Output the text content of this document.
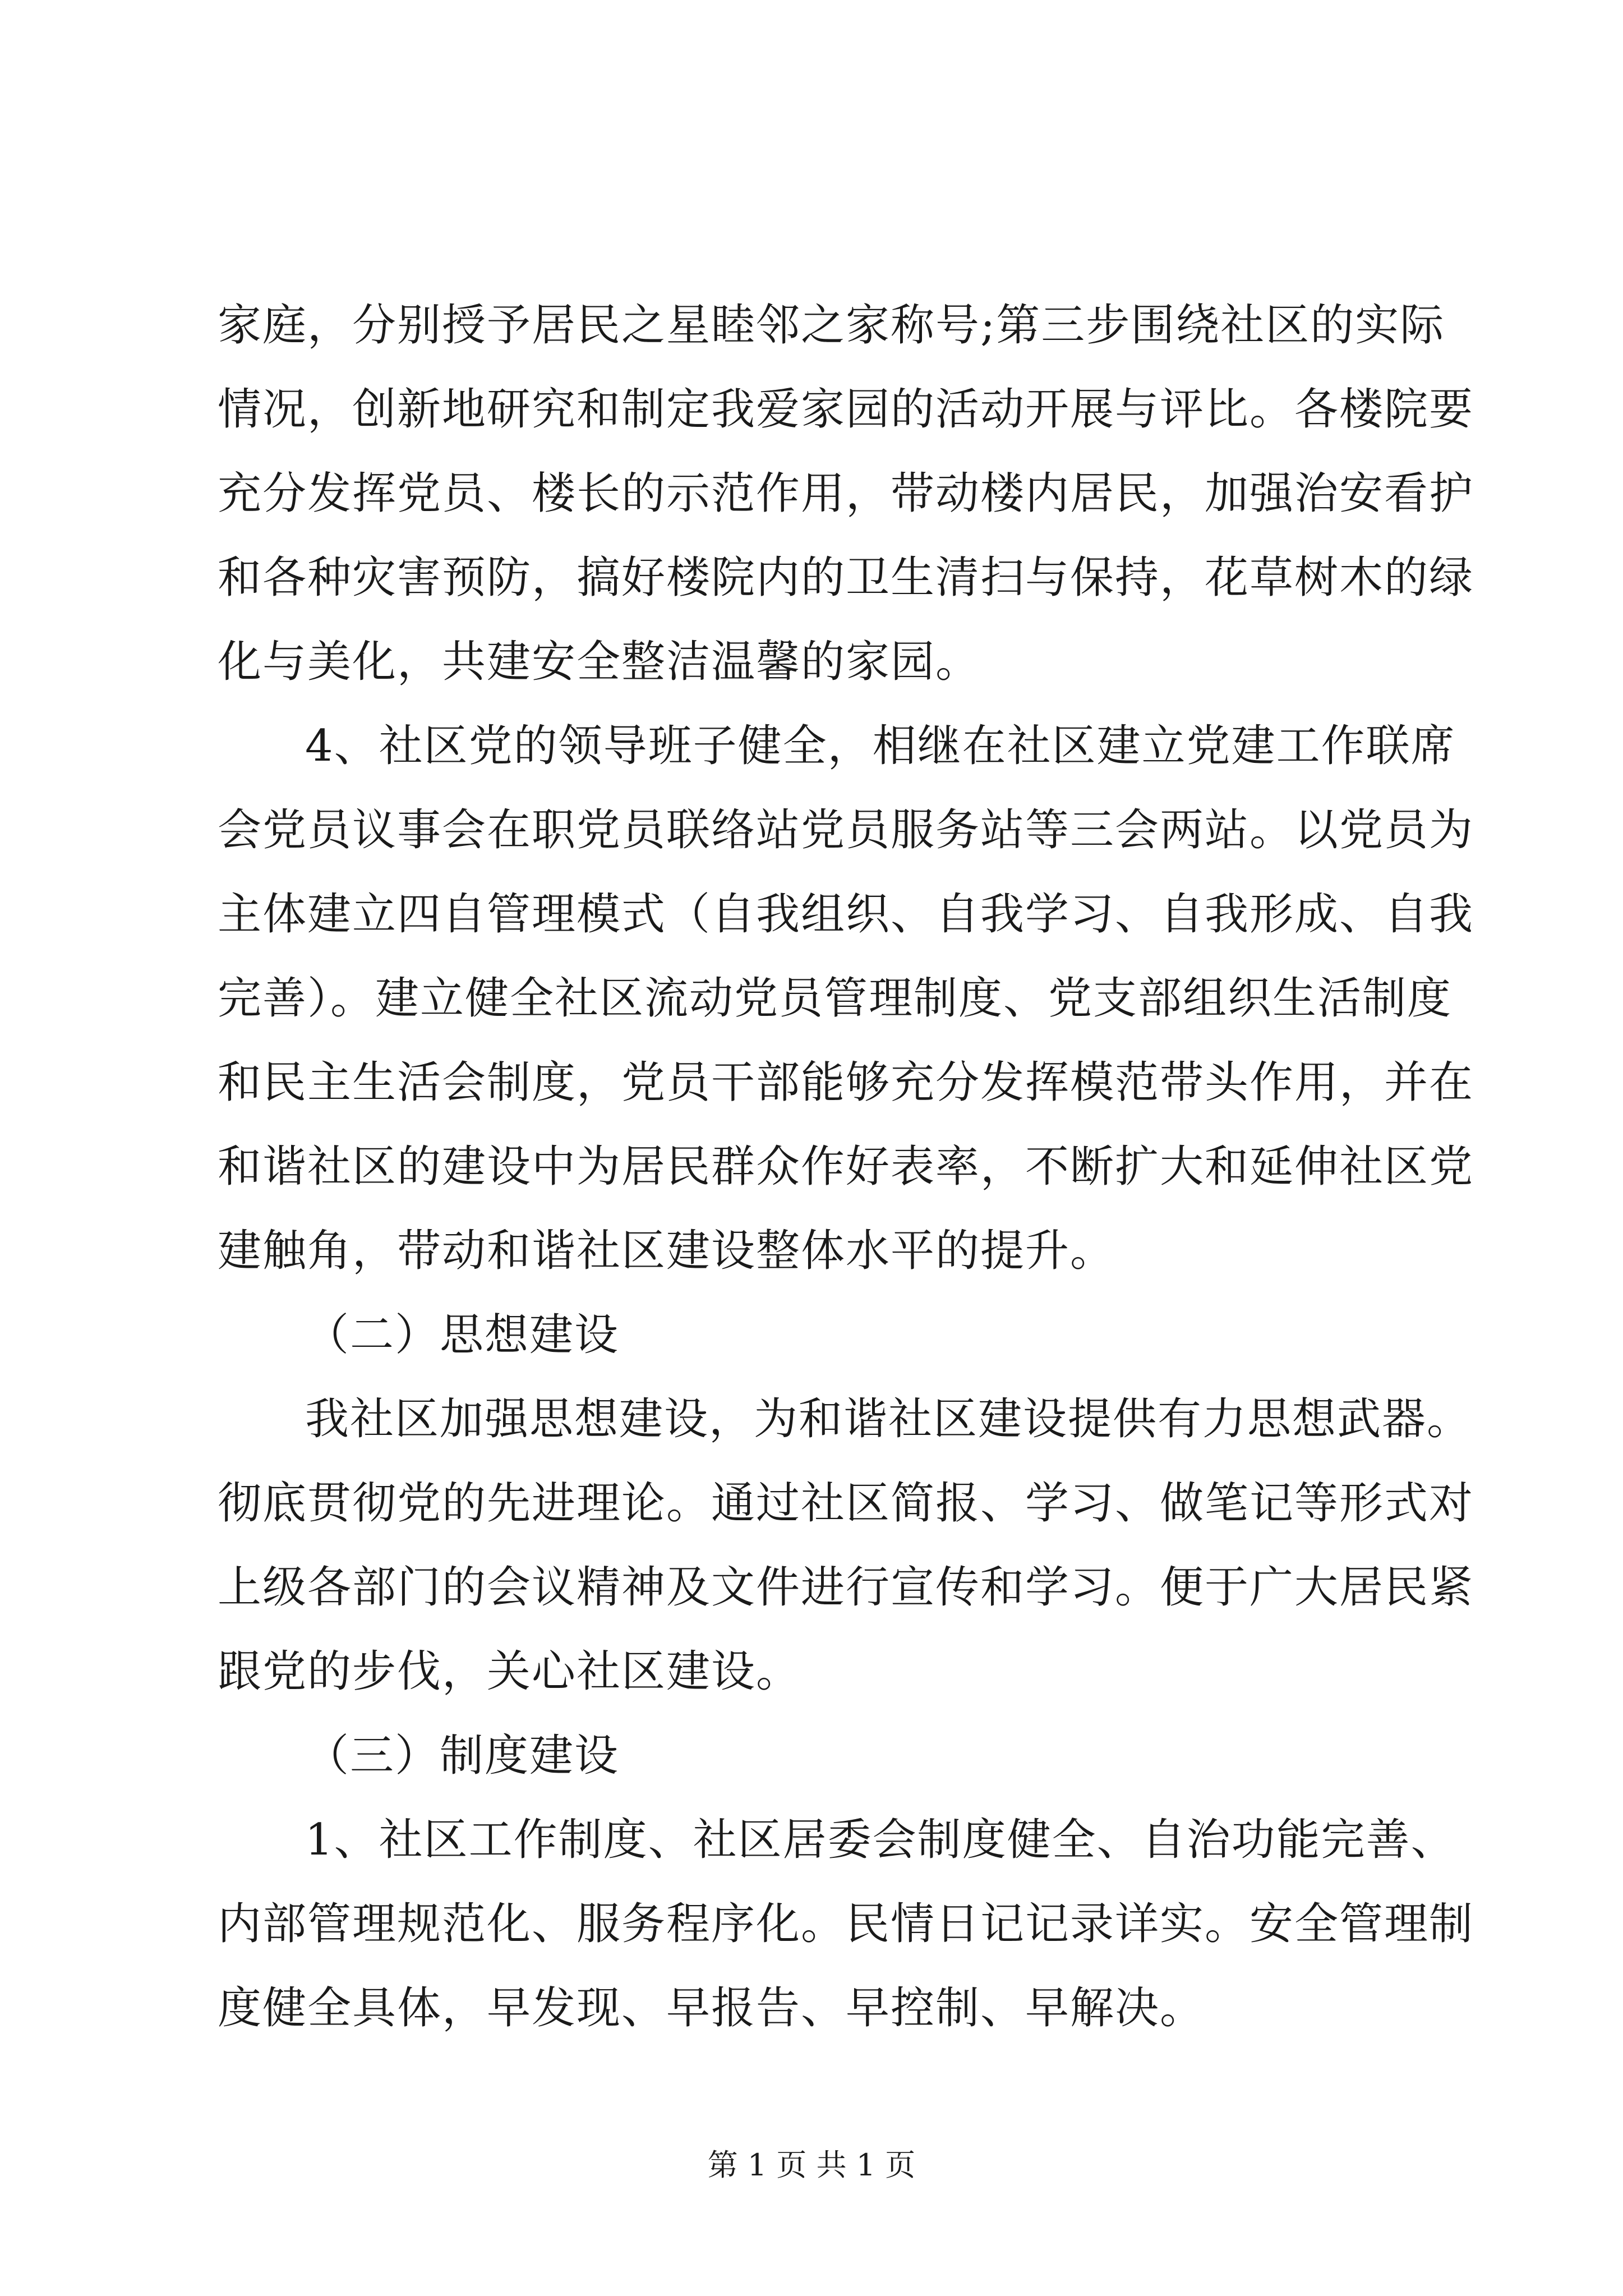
家庭，分别授予居民之星睦邻之家称号;第三步围绕社区的实际
情况，创新地研究和制定我爱家园的活动开展与评比。各楼院要
充分发挥党员、楼长的示范作用，带动楼内居民，加强治安看护
和各种灾害预防，搞好楼院内的卫生清扫与保持，花草树木的绿
化与美化，共建安全整洁温馨的家园。
4、社区党的领导班子健全，相继在社区建立党建工作联席
会党员议事会在职党员联络站党员服务站等三会两站。以党员为
主体建立四自管理模式（自我组织、自我学习、自我形成、自我
完善）。建立健全社区流动党员管理制度、党支部组织生活制度
和民主生活会制度，党员干部能够充分发挥模范带头作用，并在
和谐社区的建设中为居民群众作好表率，不断扩大和延伸社区党
建触角，带动和谐社区建设整体水平的提升。
（二）思想建设
我社区加强思想建设，为和谐社区建设提供有力思想武器。
彻底贯彻党的先进理论。通过社区简报、学习、做笔记等形式对
上级各部门的会议精神及文件进行宣传和学习。便于广大居民紧
跟党的步伐，关心社区建设。
（三）制度建设
1、社区工作制度、社区居委会制度健全、自治功能完善、
内部管理规范化、服务程序化。民情日记记录详实。安全管理制
度健全具体，早发现、早报告、早控制、早解决。
第 1 页 共 1 页
